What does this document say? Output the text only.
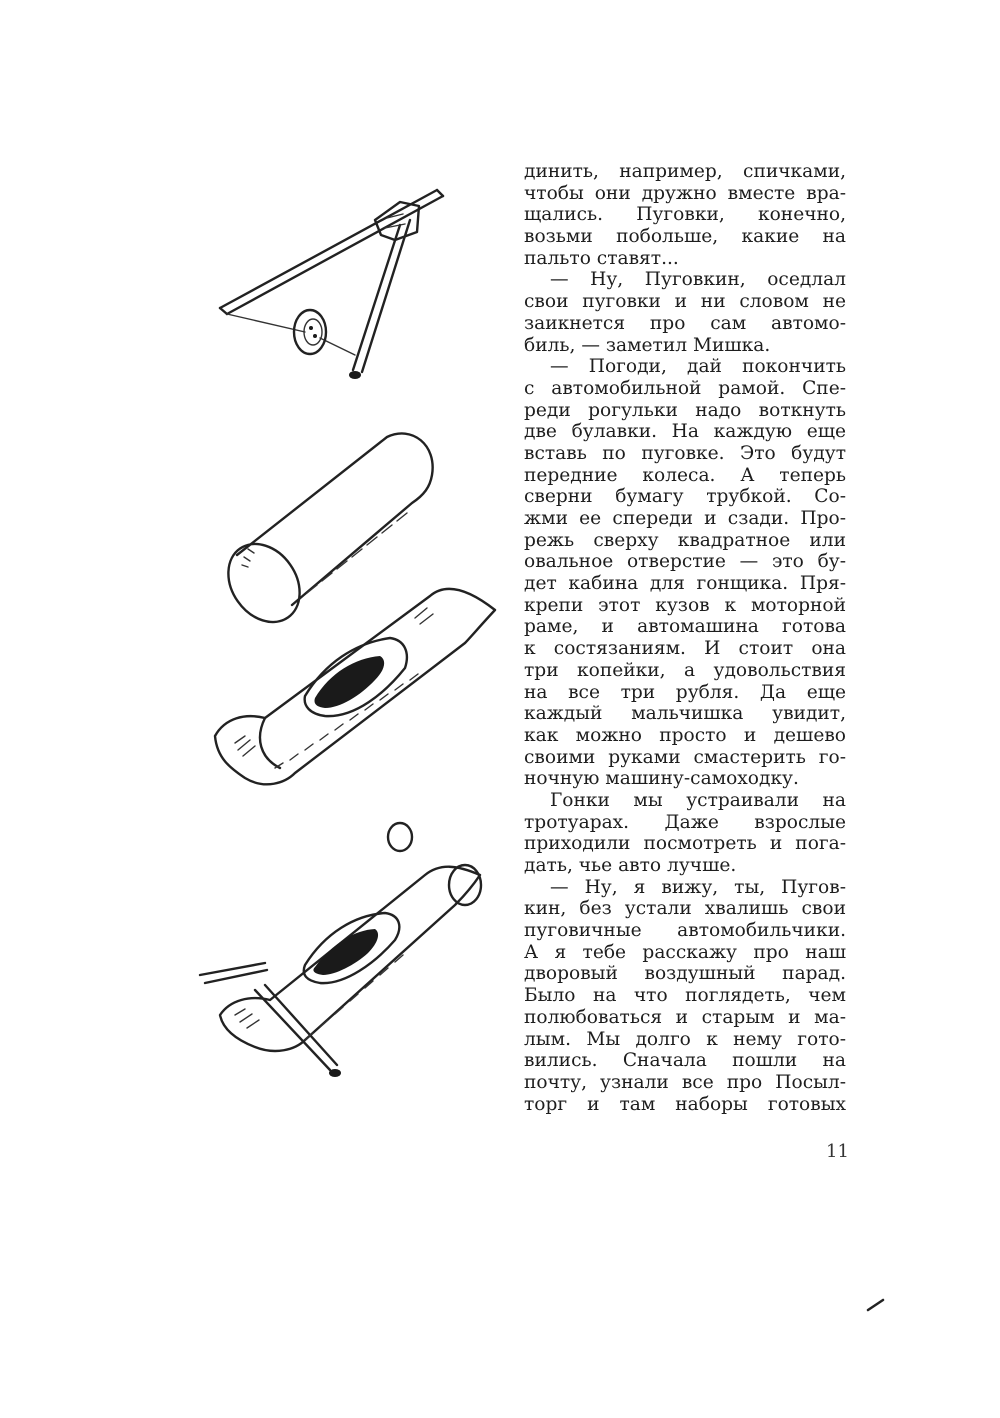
динить, например, спичками,
чтобы они дружно вместе вра-
щались. Пуговки, конечно,
возьми побольше, какие на
пальто ставят...
— Ну, Пуговкин, оседлал
свои пуговки и ни словом не
заикнется про сам автомо-
биль, — заметил Мишка.
— Погоди, дай покончить
с автомобильной рамой. Спе-
реди рогульки надо воткнуть
две булавки. На каждую еще
вставь по пуговке. Это будут
передние колеса. А теперь
сверни бумагу трубкой. Со-
жми ее спереди и сзади. Про-
режь сверху квадратное или
овальное отверстие — это бу-
дет кабина для гонщика. Пря-
крепи этот кузов к моторной
раме, и автомашина готова
к состязаниям. И стоит она
три копейки, а удовольствия
на все три рубля. Да еще
каждый мальчишка увидит,
как можно просто и дешево
своими руками смастерить го-
ночную машину-самоходку.
Гонки мы устраивали на
тротуарах. Даже взрослые
приходили посмотреть и пога-
дать, чье авто лучше.
— Ну, я вижу, ты, Пугов-
кин, без устали хвалишь свои
пуговичные автомобильчики.
А я тебе расскажу про наш
дворовый воздушный парад.
Было на что поглядеть, чем
полюбоваться и старым и ма-
лым. Мы долго к нему гото-
вились. Сначала пошли на
почту, узнали все про Посыл-
торг и там наборы готовых
11
